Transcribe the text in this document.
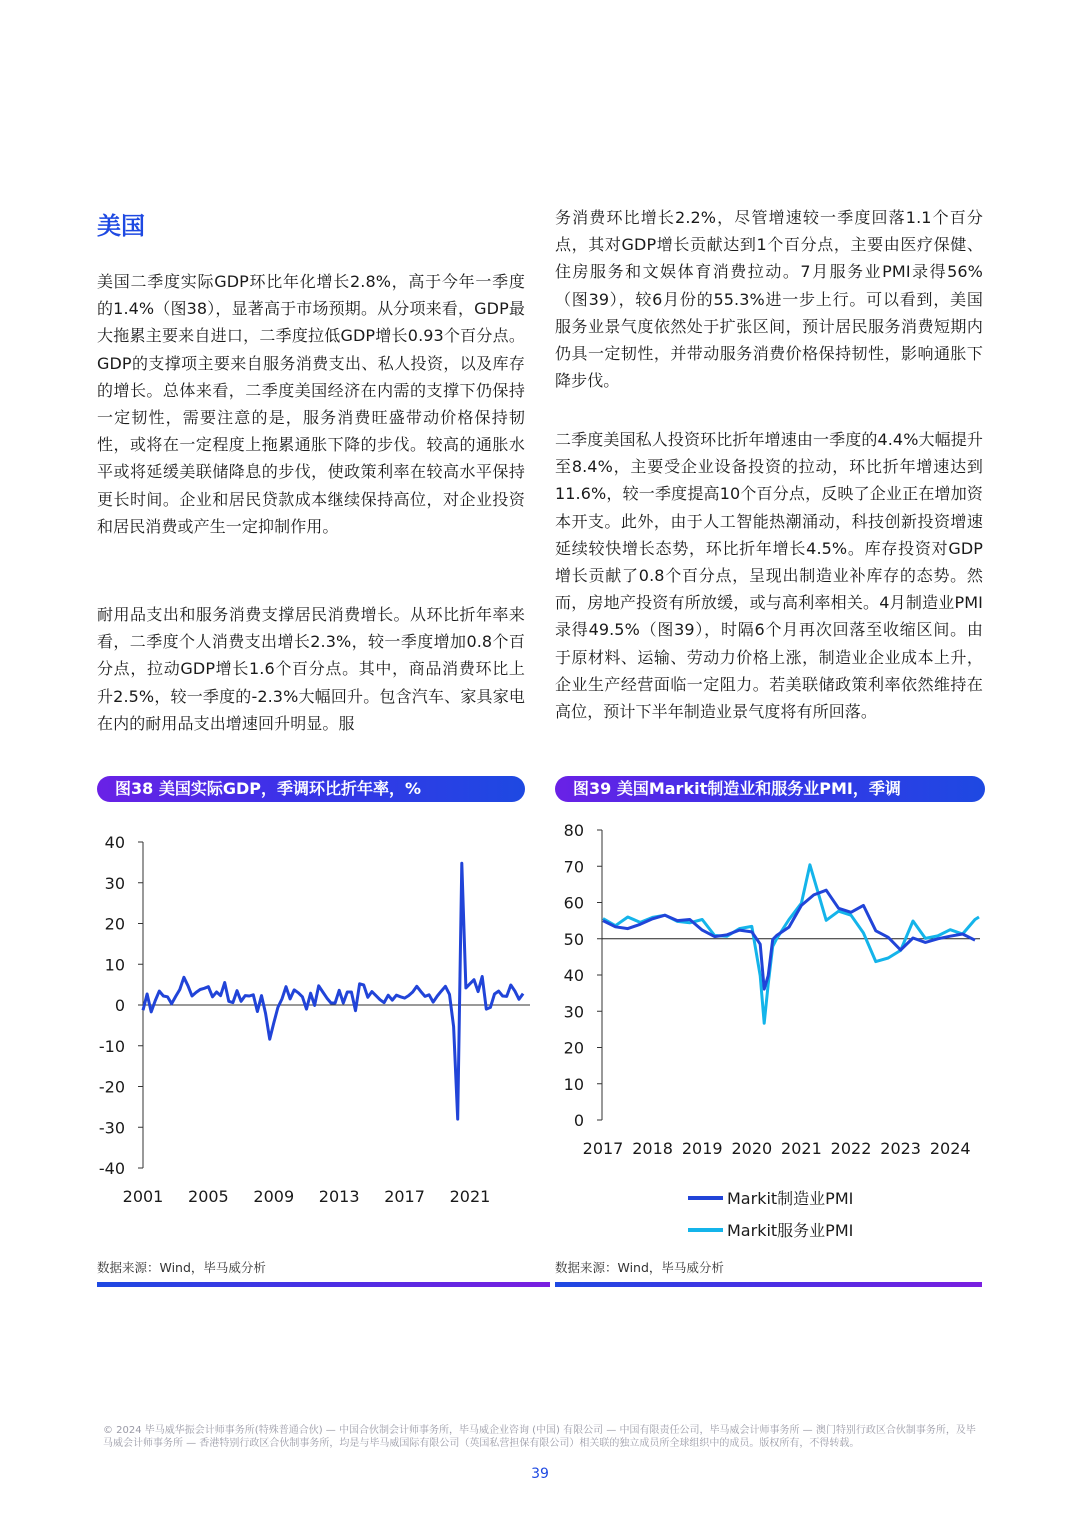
美国

美国二季度实际GDP环比年化增长2.8%，高于今年一季度的1.4%（图38），显著高于市场预期。从分项来看，GDP最大拖累主要来自进口，二季度拉低GDP增长0.93个百分点。GDP的支撑项主要来自服务消费支出、私人投资，以及库存的增长。总体来看，二季度美国经济在内需的支撑下仍保持一定韧性，需要注意的是，服务消费旺盛带动价格保持韧性，或将在一定程度上拖累通胀下降的步伐。较高的通胀水平或将延缓美联储降息的步伐，使政策利率在较高水平保持更长时间。企业和居民贷款成本继续保持高位，对企业投资和居民消费或产生一定抑制作用。

耐用品支出和服务消费支撑居民消费增长。从环比折年率来看，二季度个人消费支出增长2.3%，较一季度增加0.8个百分点，拉动GDP增长1.6个百分点。其中，商品消费环比上升2.5%，较一季度的-2.3%大幅回升。包含汽车、家具家电在内的耐用品支出增速回升明显。服

务消费环比增长2.2%，尽管增速较一季度回落1.1个百分点，其对GDP增长贡献达到1个百分点，主要由医疗保健、住房服务和文娱体育消费拉动。7月服务业PMI录得56%（图39），较6月份的55.3%进一步上行。可以看到，美国服务业景气度依然处于扩张区间，预计居民服务消费短期内仍具一定韧性，并带动服务消费价格保持韧性，影响通胀下降步伐。

二季度美国私人投资环比折年增速由一季度的4.4%大幅提升至8.4%，主要受企业设备投资的拉动，环比折年增速达到11.6%，较一季度提高10个百分点，反映了企业正在增加资本开支。此外，由于人工智能热潮涌动，科技创新投资增速延续较快增长态势，环比折年增长4.5%。库存投资对GDP增长贡献了0.8个百分点，呈现出制造业补库存的态势。然而，房地产投资有所放缓，或与高利率相关。4月制造业PMI录得49.5%（图39），时隔6个月再次回落至收缩区间。由于原材料、运输、劳动力价格上涨，制造业企业成本上升，企业生产经营面临一定阻力。若美联储政策利率依然维持在高位，预计下半年制造业景气度将有所回落。

图38 美国实际GDP，季调环比折年率，%	图39 美国Markit制造业和服务业PMI，季调
40
30
20
10
0
-10
-20
-30
-40
2001 2005 2009 2013 2017 2021
80
70
60
50
40
30
20
10
0
2017 2018 2019 2020 2021 2022 2023 2024
Markit制造业PMI
Markit服务业PMI
数据来源：Wind，毕马威分析	数据来源：Wind，毕马威分析
© 2024 毕马威华振会计师事务所(特殊普通合伙) — 中国合伙制会计师事务所，毕马威企业咨询 (中国) 有限公司 — 中国有限责任公司，毕马威会计师事务所 — 澳门特别行政区合伙制事务所，及毕马威会计师事务所 — 香港特别行政区合伙制事务所，均是与毕马威国际有限公司（英国私营担保有限公司）相关联的独立成员所全球组织中的成员。版权所有，不得转载。
39
